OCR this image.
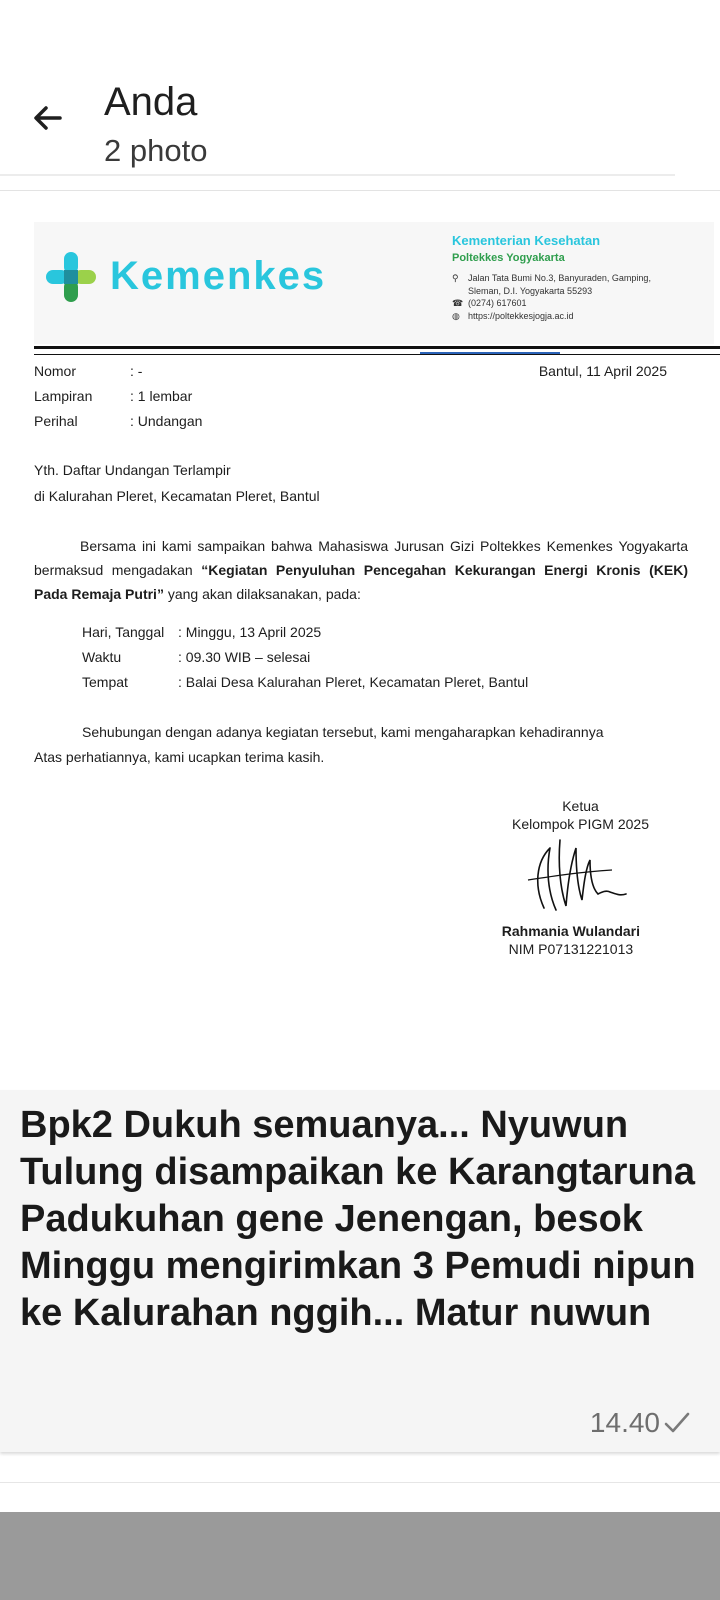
Anda
2 photo
Kemenkes
Kementerian Kesehatan
Poltekkes Yogyakarta
⚲	Jalan Tata Bumi No.3, Banyuraden, Gamping,
Sleman, D.I. Yogyakarta 55293
☎ (0274) 617601
◍ https://poltekkesjogja.ac.id
Nomor	: -	Bantul, 11 April 2025
Lampiran	: 1 lembar
Perihal	: Undangan
Yth. Daftar Undangan Terlampir
di Kalurahan Pleret, Kecamatan Pleret, Bantul
Bersama ini kami sampaikan bahwa Mahasiswa Jurusan Gizi Poltekkes Kemenkes Yogyakarta bermaksud mengadakan “Kegiatan Penyuluhan Pencegahan Kekurangan Energi Kronis (KEK) Pada Remaja Putri” yang akan dilaksanakan, pada:
Hari, Tanggal : Minggu, 13 April 2025
Waktu	: 09.30 WIB – selesai
Tempat	: Balai Desa Kalurahan Pleret, Kecamatan Pleret, Bantul
Sehubungan dengan adanya kegiatan tersebut, kami mengaharapkan kehadirannya
Atas perhatiannya, kami ucapkan terima kasih.
Ketua
Kelompok PIGM 2025
Rahmania Wulandari
NIM P07131221013
Bpk2 Dukuh semuanya... Nyuwun Tulung disampaikan ke Karangtaruna Padukuhan gene Jenengan, besok Minggu mengirimkan 3 Pemudi nipun ke Kalurahan nggih... Matur nuwun
14.40
